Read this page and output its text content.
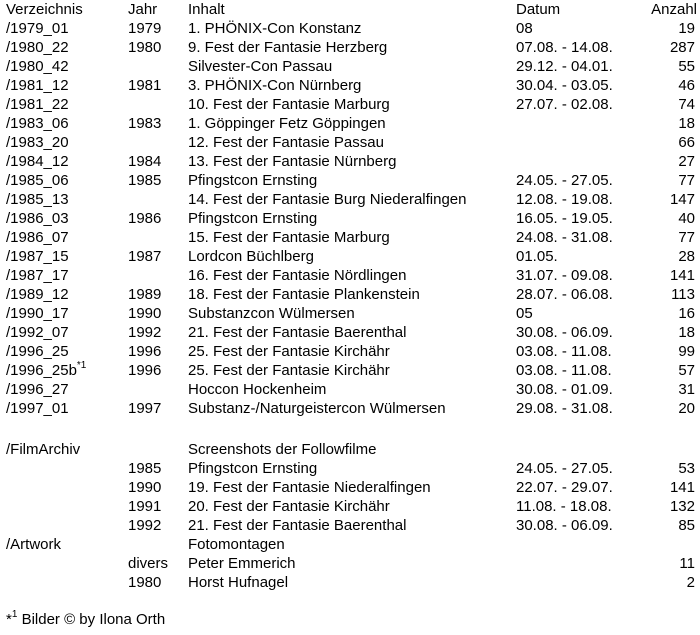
Verzeichnis	Jahr Inhalt	Datum	Anzahl
/1979_01	1979 1. PHÖNIX-Con Konstanz	08	19
/1980_22	1980 9. Fest der Fantasie Herzberg	07.08. - 14.08.	287
/1980_42	Silvester-Con Passau	29.12. - 04.01.	55
/1981_12	1981 3. PHÖNIX-Con Nürnberg	30.04. - 03.05.	46
/1981_22	10. Fest der Fantasie Marburg	27.07. - 02.08.	74
/1983_06	1983 1. Göppinger Fetz Göppingen	18
/1983_20	12. Fest der Fantasie Passau	66
/1984_12	1984 13. Fest der Fantasie Nürnberg	27
/1985_06	1985 Pfingstcon Ernsting	24.05. - 27.05.	77
/1985_13	14. Fest der Fantasie Burg Niederalfingen	12.08. - 19.08.	147
/1986_03	1986 Pfingstcon Ernsting	16.05. - 19.05.	40
/1986_07	15. Fest der Fantasie Marburg	24.08. - 31.08.	77
/1987_15	1987 Lordcon Büchlberg	01.05.	28
/1987_17	16. Fest der Fantasie Nördlingen	31.07. - 09.08.	141
/1989_12	1989 18. Fest der Fantasie Plankenstein	28.07. - 06.08.	113
/1990_17	1990 Substanzcon Wülmersen	05	16
/1992_07	1992 21. Fest der Fantasie Baerenthal	30.08. - 06.09.	18
/1996_25	1996 25. Fest der Fantasie Kirchähr	03.08. - 11.08.	99
$/1996\_25b^{*1}$	1996 25. Fest der Fantasie Kirchähr	03.08. - 11.08.	57
/1996_27	Hoccon Hockenheim	30.08. - 01.09.	31
/1997_01	1997 Substanz-/Naturgeistercon Wülmersen	29.08. - 31.08.	20
/FilmArchiv	Screenshots der Followfilme
1985 Pfingstcon Ernsting	24.05. - 27.05.	53
1990 19. Fest der Fantasie Niederalfingen	22.07. - 29.07.	141
1991 20. Fest der Fantasie Kirchähr	11.08. - 18.08.	132
1992 21. Fest der Fantasie Baerenthal	30.08. - 06.09.	85
/Artwork	Fotomontagen
divers Peter Emmerich	11
1980 Horst Hufnagel	2
*$^1$ Bilder © by Ilona Orth
